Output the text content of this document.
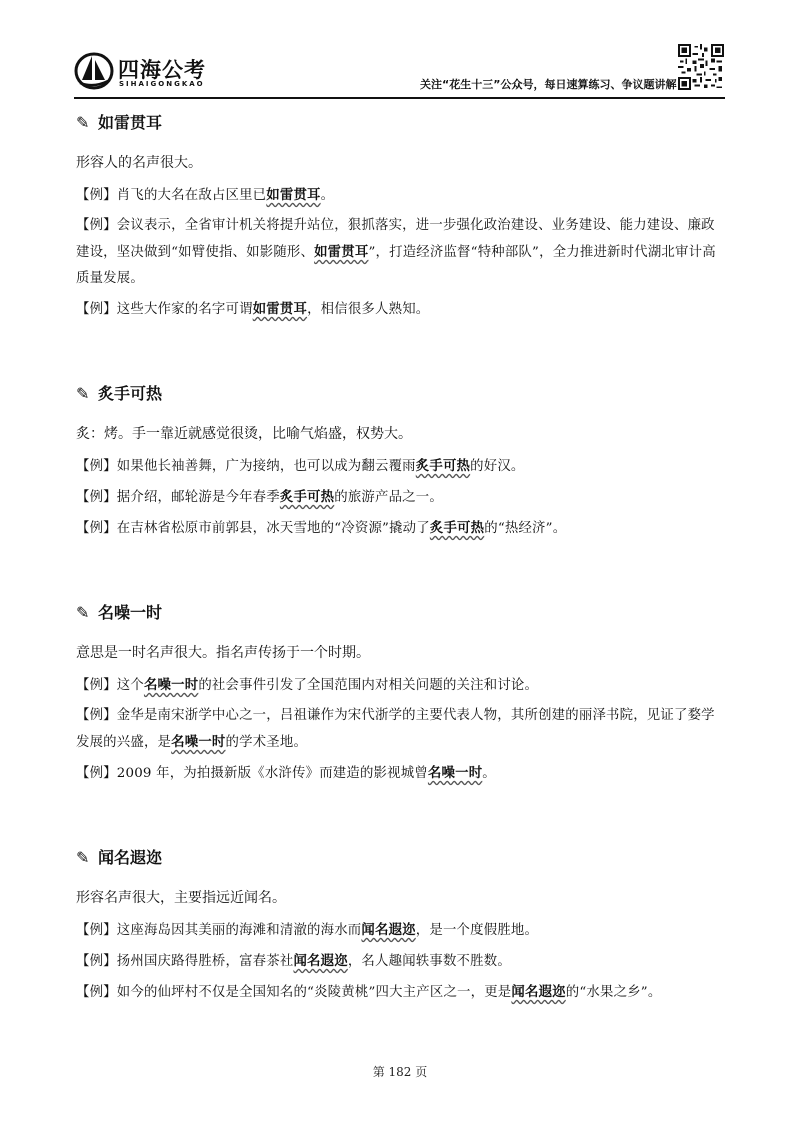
四海公考
SIHAIGONGKAO	关注“花生十三”公众号，每日速算练习、争议题讲解
✎ 如雷贯耳
形容人的名声很大。
【例】肖飞的大名在敌占区里已如雷贯耳。
【例】会议表示，全省审计机关将提升站位，狠抓落实，进一步强化政治建设、业务建设、能力建设、廉政建设，坚决做到“如臂使指、如影随形、如雷贯耳”，打造经济监督“特种部队”，全力推进新时代湖北审计高质量发展。
【例】这些大作家的名字可谓如雷贯耳，相信很多人熟知。
✎ 炙手可热
炙：烤。手一靠近就感觉很烫，比喻气焰盛，权势大。
【例】如果他长袖善舞，广为接纳，也可以成为翻云覆雨炙手可热的好汉。
【例】据介绍，邮轮游是今年春季炙手可热的旅游产品之一。
【例】在吉林省松原市前郭县，冰天雪地的“冷资源”撬动了炙手可热的“热经济”。
✎ 名噪一时
意思是一时名声很大。指名声传扬于一个时期。
【例】这个名噪一时的社会事件引发了全国范围内对相关问题的关注和讨论。
【例】金华是南宋浙学中心之一，吕祖谦作为宋代浙学的主要代表人物，其所创建的丽泽书院，见证了婺学发展的兴盛，是名噪一时的学术圣地。
【例】2009 年，为拍摄新版《水浒传》而建造的影视城曾名噪一时。
✎ 闻名遐迩
形容名声很大，主要指远近闻名。
【例】这座海岛因其美丽的海滩和清澈的海水而闻名遐迩，是一个度假胜地。
【例】扬州国庆路得胜桥，富春茶社闻名遐迩，名人趣闻轶事数不胜数。
【例】如今的仙坪村不仅是全国知名的“炎陵黄桃”四大主产区之一，更是闻名遐迩的“水果之乡”。
第 182 页
